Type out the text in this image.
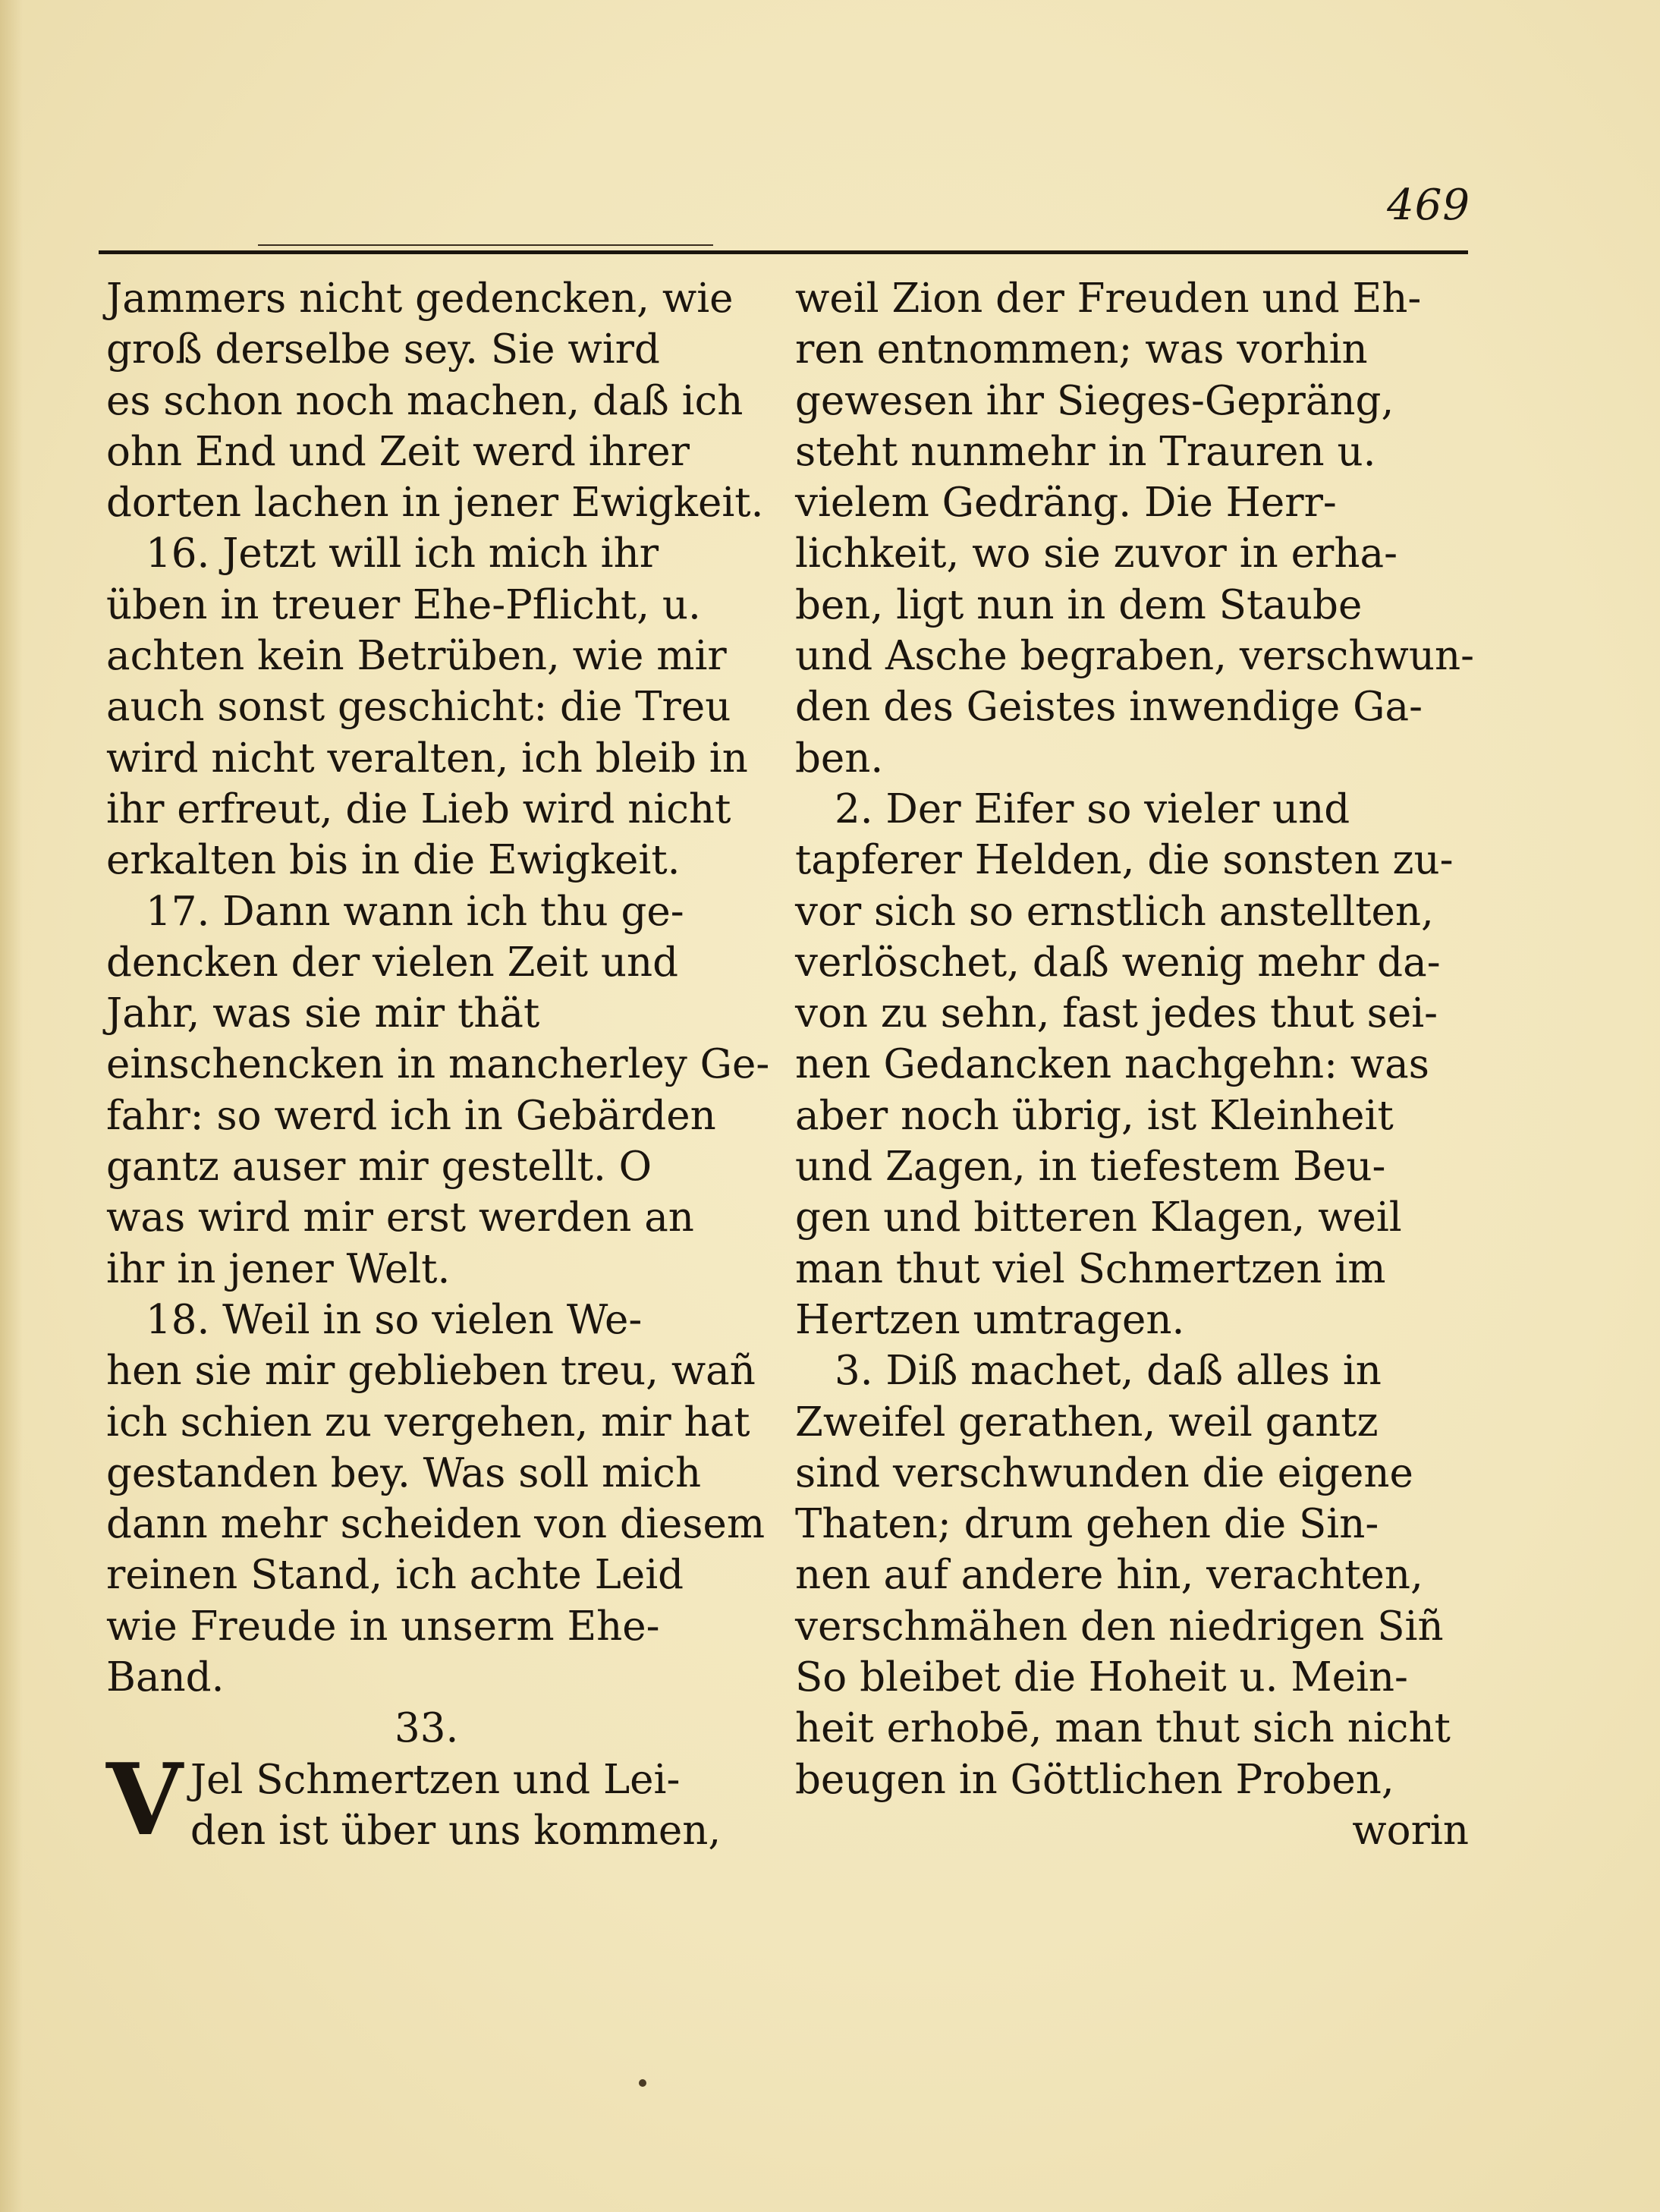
469
Jammers nicht gedencken, wie
groß derselbe sey. Sie wird
es schon noch machen, daß ich
ohn End und Zeit werd ihrer
dorten lachen in jener Ewigkeit.
16. Jetzt will ich mich ihr
üben in treuer Ehe-Pflicht, u.
achten kein Betrüben, wie mir
auch sonst geschicht: die Treu
wird nicht veralten, ich bleib in
ihr erfreut, die Lieb wird nicht
erkalten bis in die Ewigkeit.
17. Dann wann ich thu ge-
dencken der vielen Zeit und
Jahr, was sie mir thät
einschencken in mancherley Ge-
fahr: so werd ich in Gebärden
gantz auser mir gestellt. O
was wird mir erst werden an
ihr in jener Welt.
18. Weil in so vielen We-
hen sie mir geblieben treu, wañ
ich schien zu vergehen, mir hat
gestanden bey. Was soll mich
dann mehr scheiden von diesem
reinen Stand, ich achte Leid
wie Freude in unserm Ehe-
Band.
33.
V Jel Schmertzen und Lei-
den ist über uns kommen,
weil Zion der Freuden und Eh-
ren entnommen; was vorhin
gewesen ihr Sieges-Gepräng,
steht nunmehr in Trauren u.
vielem Gedräng. Die Herr-
lichkeit, wo sie zuvor in erha-
ben, ligt nun in dem Staube
und Asche begraben, verschwun-
den des Geistes inwendige Ga-
ben.
2. Der Eifer so vieler und
tapferer Helden, die sonsten zu-
vor sich so ernstlich anstellten,
verlöschet, daß wenig mehr da-
von zu sehn, fast jedes thut sei-
nen Gedancken nachgehn: was
aber noch übrig, ist Kleinheit
und Zagen, in tiefestem Beu-
gen und bitteren Klagen, weil
man thut viel Schmertzen im
Hertzen umtragen.
3. Diß machet, daß alles in
Zweifel gerathen, weil gantz
sind verschwunden die eigene
Thaten; drum gehen die Sin-
nen auf andere hin, verachten,
verschmähen den niedrigen Siñ
So bleibet die Hoheit u. Mein-
heit erhobē, man thut sich nicht
beugen in Göttlichen Proben,
worin
